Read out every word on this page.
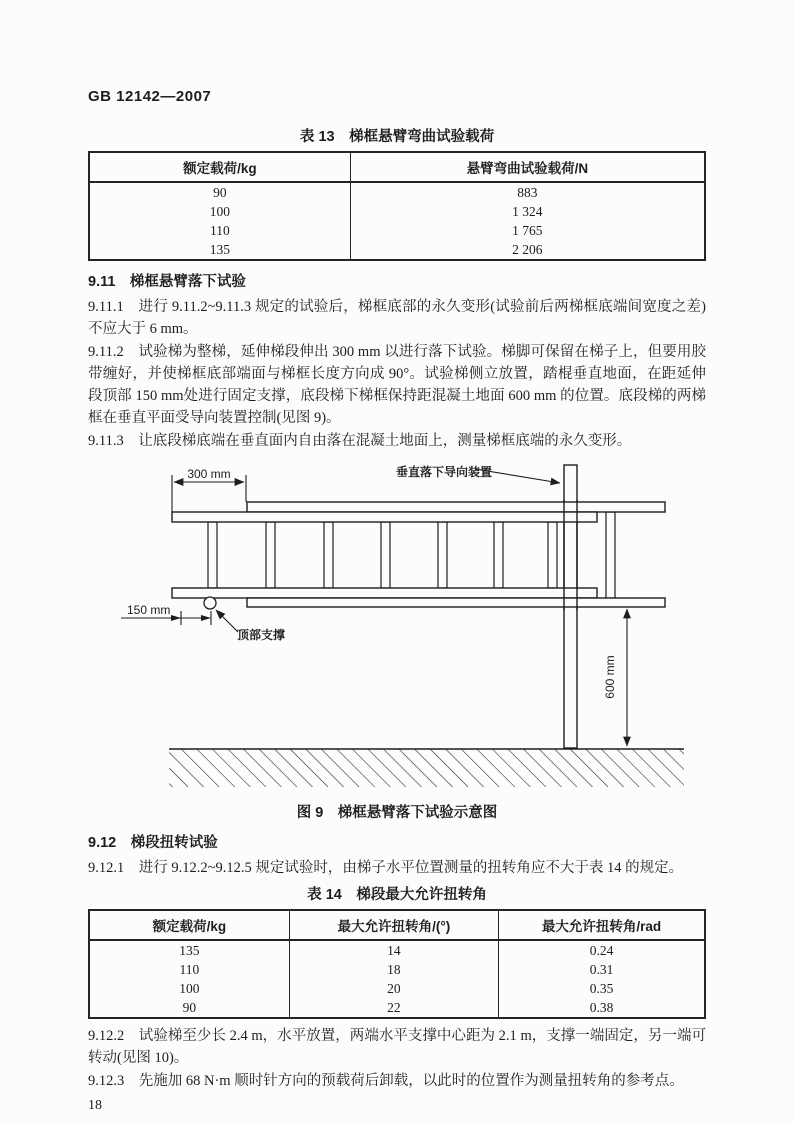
GB 12142—2007
表 13　梯框悬臂弯曲试验载荷
额定载荷/kg	悬臂弯曲试验载荷/N
90	883
100	1 324
110	1 765
135	2 206
9.11　梯框悬臂落下试验

9.11.1　进行 9.11.2~9.11.3 规定的试验后，梯框底部的永久变形(试验前后两梯框底端间宽度之差)不应大于 6 mm。

9.11.2　试验梯为整梯，延伸梯段伸出 300 mm 以进行落下试验。梯脚可保留在梯子上，但要用胶带缠好，并使梯框底部端面与梯框长度方向成 90°。试验梯侧立放置，踏棍垂直地面，在距延伸段顶部 150 mm处进行固定支撑，底段梯下梯框保持距混凝土地面 600 mm 的位置。底段梯的两梯框在垂直平面受导向装置控制(见图 9)。

9.11.3　让底段梯底端在垂直面内自由落在混凝土地面上，测量梯框底端的永久变形。

300 mm	垂直落下导向装置
150 mm
顶部支撑
600 mm
图 9　梯框悬臂落下试验示意图
9.12　梯段扭转试验

9.12.1　进行 9.12.2~9.12.5 规定试验时，由梯子水平位置测量的扭转角应不大于表 14 的规定。

表 14　梯段最大允许扭转角
额定载荷/kg	最大允许扭转角/(°)	最大允许扭转角/rad
135	14	0.24
110	18	0.31
100	20	0.35
90	22	0.38

9.12.2　试验梯至少长 2.4 m，水平放置，两端水平支撑中心距为 2.1 m，支撑一端固定，另一端可转动(见图 10)。

9.12.3　先施加 68 N·m 顺时针方向的预载荷后卸载，以此时的位置作为测量扭转角的参考点。

18
